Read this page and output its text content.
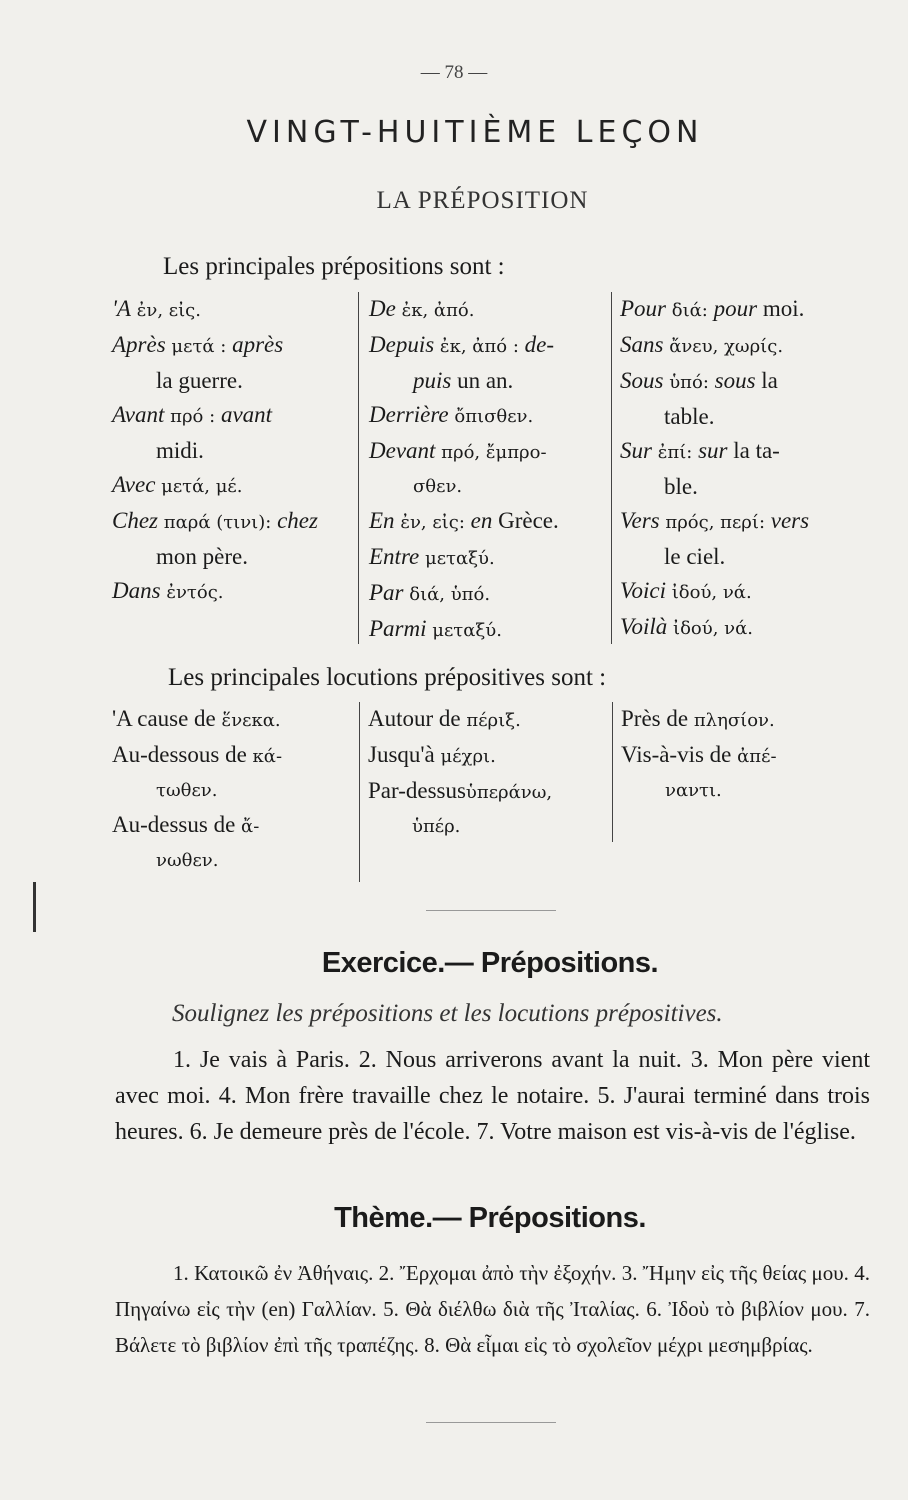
— 78 —
VINGT-HUITIÈME LEÇON
LA PRÉPOSITION
Les principales prépositions sont :
'A ἐν, εἰς.
Après μετά : après
la guerre.
Avant πρό : avant
midi.
Avec μετά, μέ.
Chez παρά (τινι): chez
mon père.
Dans ἐντός.
De ἐκ, ἀπό.
Depuis ἐκ, ἀπό : de-
puis un an.
Derrière ὄπισθεν.
Devant πρό, ἔμπρο-
σθεν.
En ἐν, εἰς: en Grèce.
Entre μεταξύ.
Par διά, ὑπό.
Parmi μεταξύ.
Pour διά: pour moi.
Sans ἄνευ, χωρίς.
Sous ὑπό: sous la
table.
Sur ἐπί: sur la ta-
ble.
Vers πρός, περί: vers
le ciel.
Voici ἰδού, νά.
Voilà ἰδού, νά.
Les principales locutions prépositives sont :
'A cause de ἕνεκα.
Au-dessous de κά-
τωθεν.
Au-dessus de ἄ-
νωθεν.
Autour de πέριξ.
Jusqu'à μέχρι.
Par-dessusὑπεράνω,
ὑπέρ.
Près de πλησίον.
Vis-à-vis de ἀπέ-
ναντι.
Exercice.— Prépositions.
Soulignez les prépositions et les locutions prépositives.

1. Je vais à Paris. 2. Nous arriverons avant la nuit. 3. Mon père vient avec moi. 4. Mon frère travaille chez le notaire. 5. J'aurai terminé dans trois heures. 6. Je demeure près de l'école. 7. Votre maison est vis-à-vis de l'église.

Thème.— Prépositions.

1. Κατοικῶ ἐν Ἀθήναις. 2. Ἔρχομαι ἀπὸ τὴν ἐξοχήν. 3. Ἤμην εἰς τῆς θείας μου. 4. Πηγαίνω εἰς τὴν (en) Γαλλίαν. 5. Θὰ διέλθω διὰ τῆς Ἰταλίας. 6. Ἰδοὺ τὸ βιβλίον μου. 7. Βάλετε τὸ βιβλίον ἐπὶ τῆς τραπέζης. 8. Θὰ εἶμαι εἰς τὸ σχολεῖον μέχρι μεσημβρίας.
